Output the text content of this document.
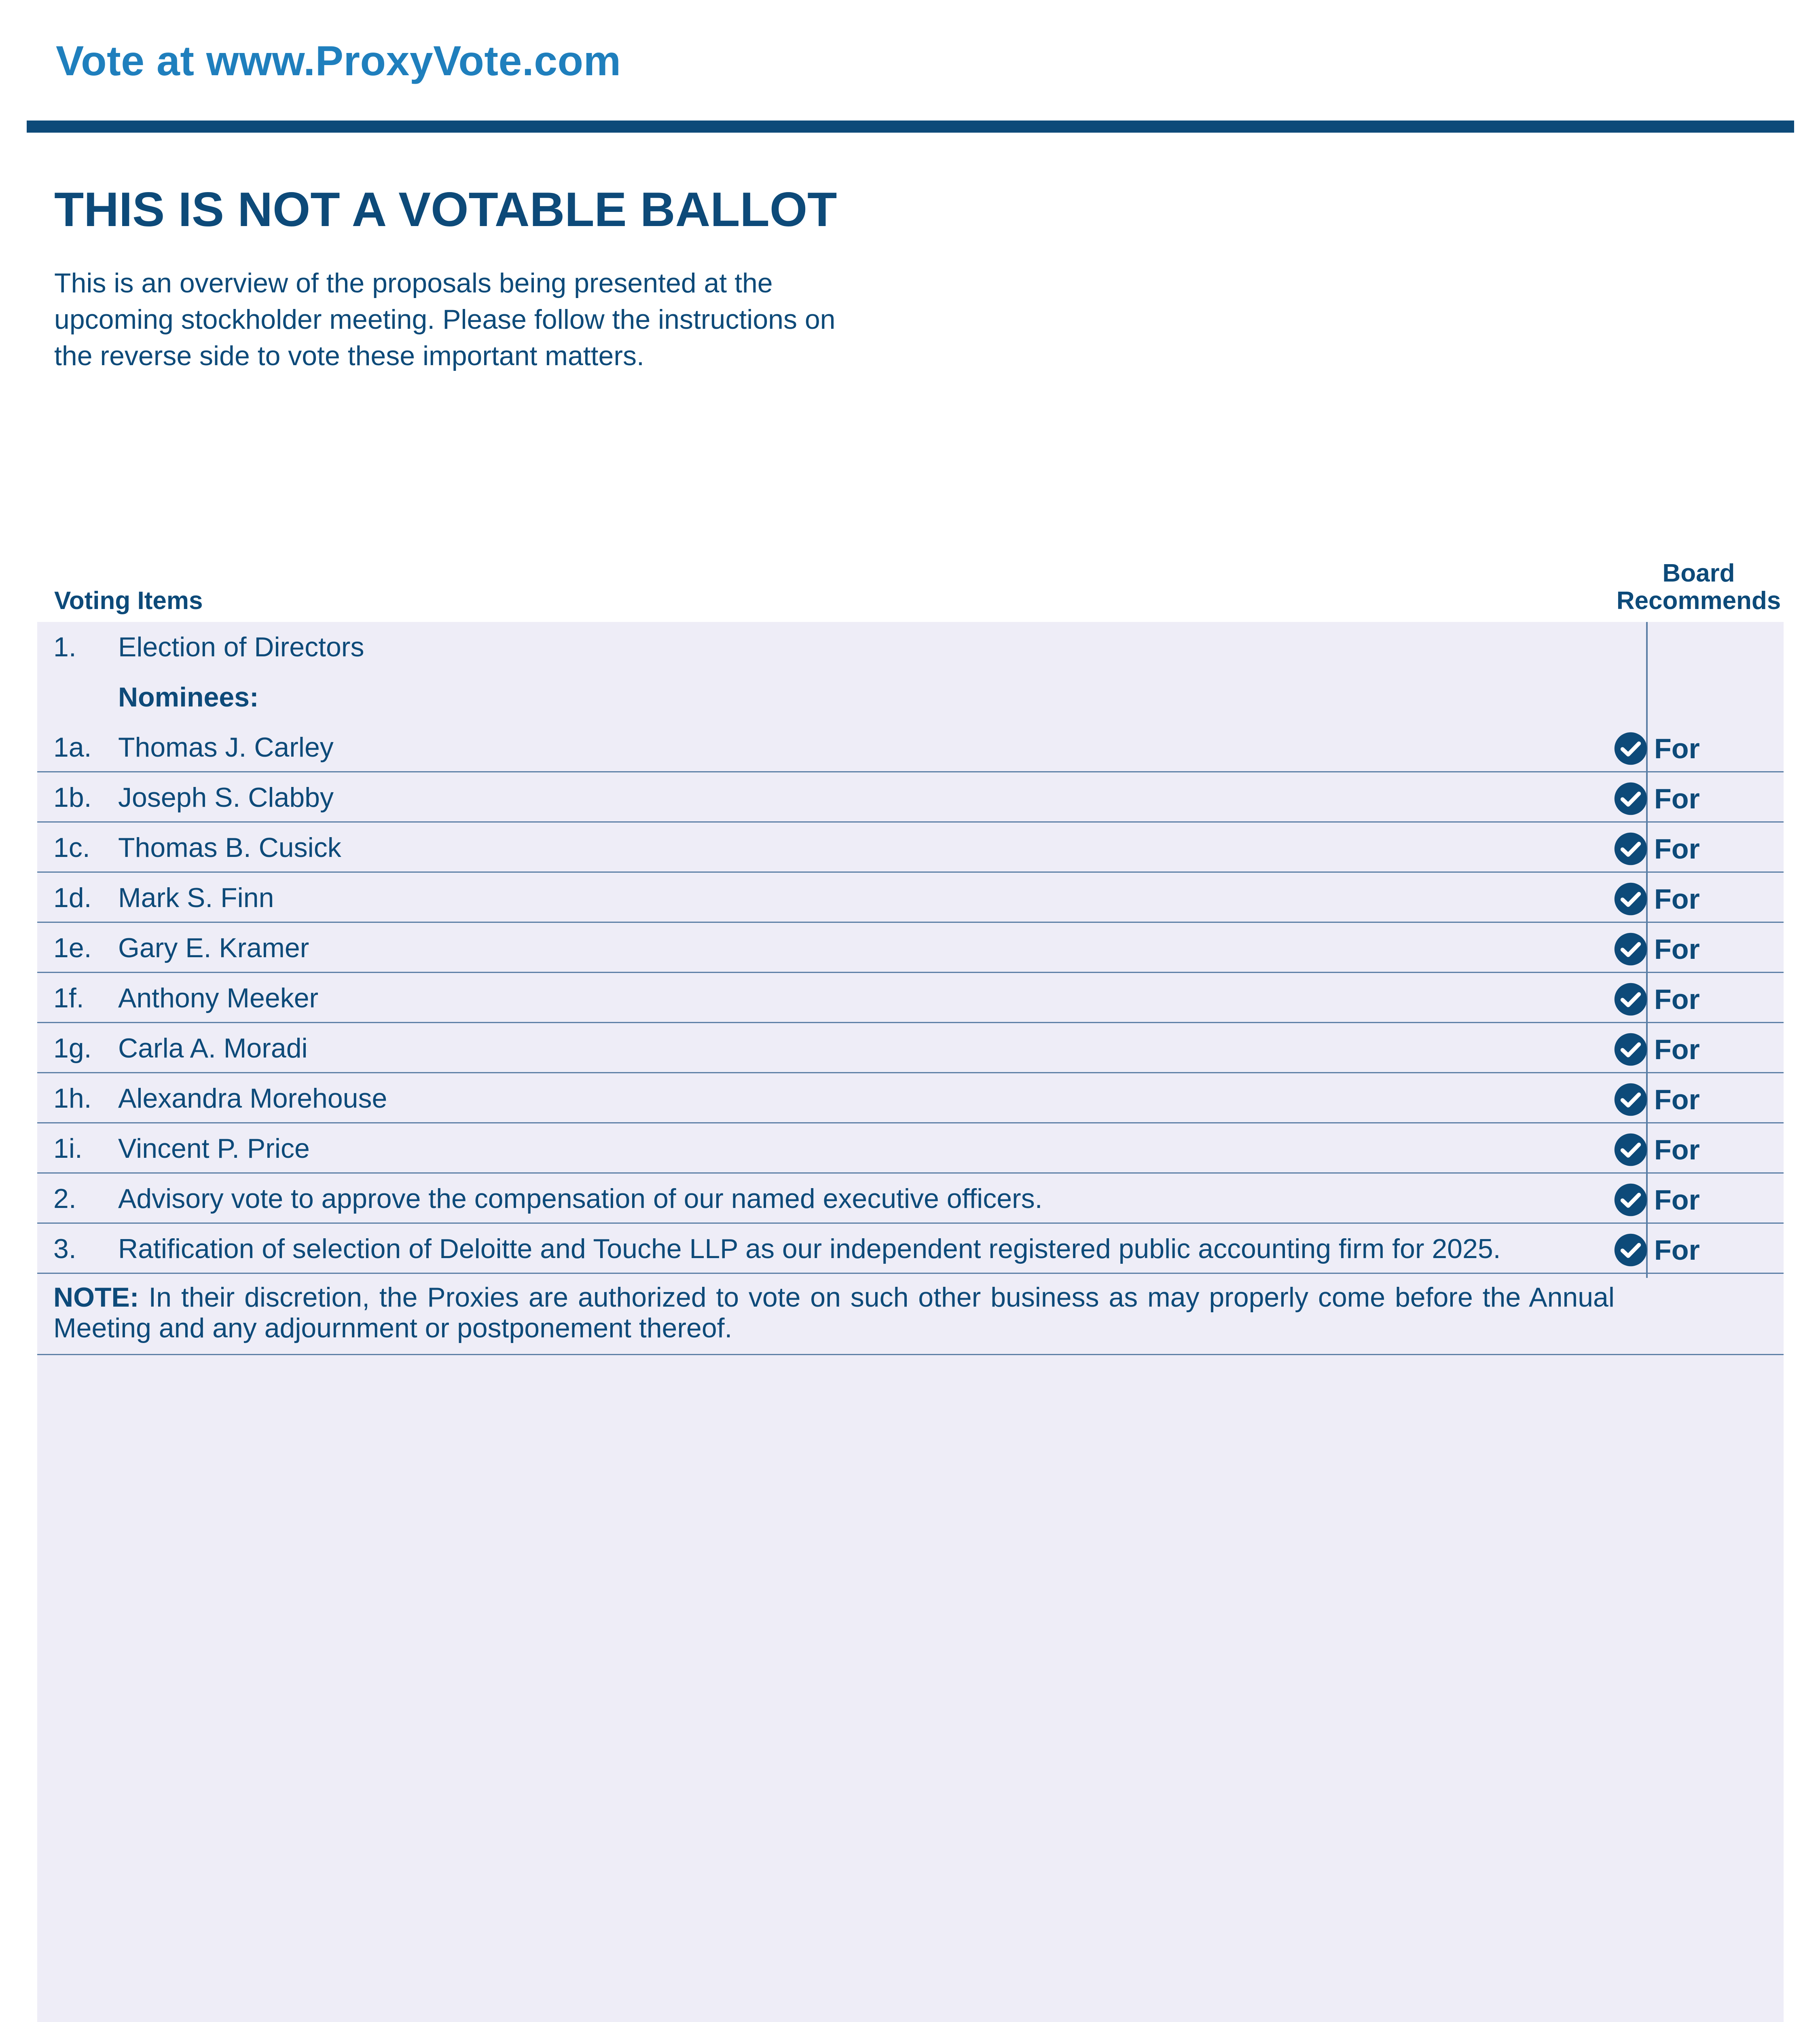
Vote at www.ProxyVote.com
THIS IS NOT A VOTABLE BALLOT

This is an overview of the proposals being presented at the
upcoming stockholder meeting. Please follow the instructions on
the reverse side to vote these important matters.

Voting Items
Board
Recommends
1. Election of Directors
Nominees:
1a. Thomas J. Carley	For
1b. Joseph S. Clabby	For
1c. Thomas B. Cusick	For
1d. Mark S. Finn	For
1e. Gary E. Kramer	For
1f. Anthony Meeker	For
1g. Carla A. Moradi	For
1h. Alexandra Morehouse	For
1i. Vincent P. Price	For
2. Advisory vote to approve the compensation of our named executive officers.	For
3. Ratification of selection of Deloitte and Touche LLP as our independent registered public accounting firm for 2025.	For
NOTE: In their discretion, the Proxies are authorized to vote on such other business as may properly come before the Annual Meeting and any adjournment or postponement thereof.
